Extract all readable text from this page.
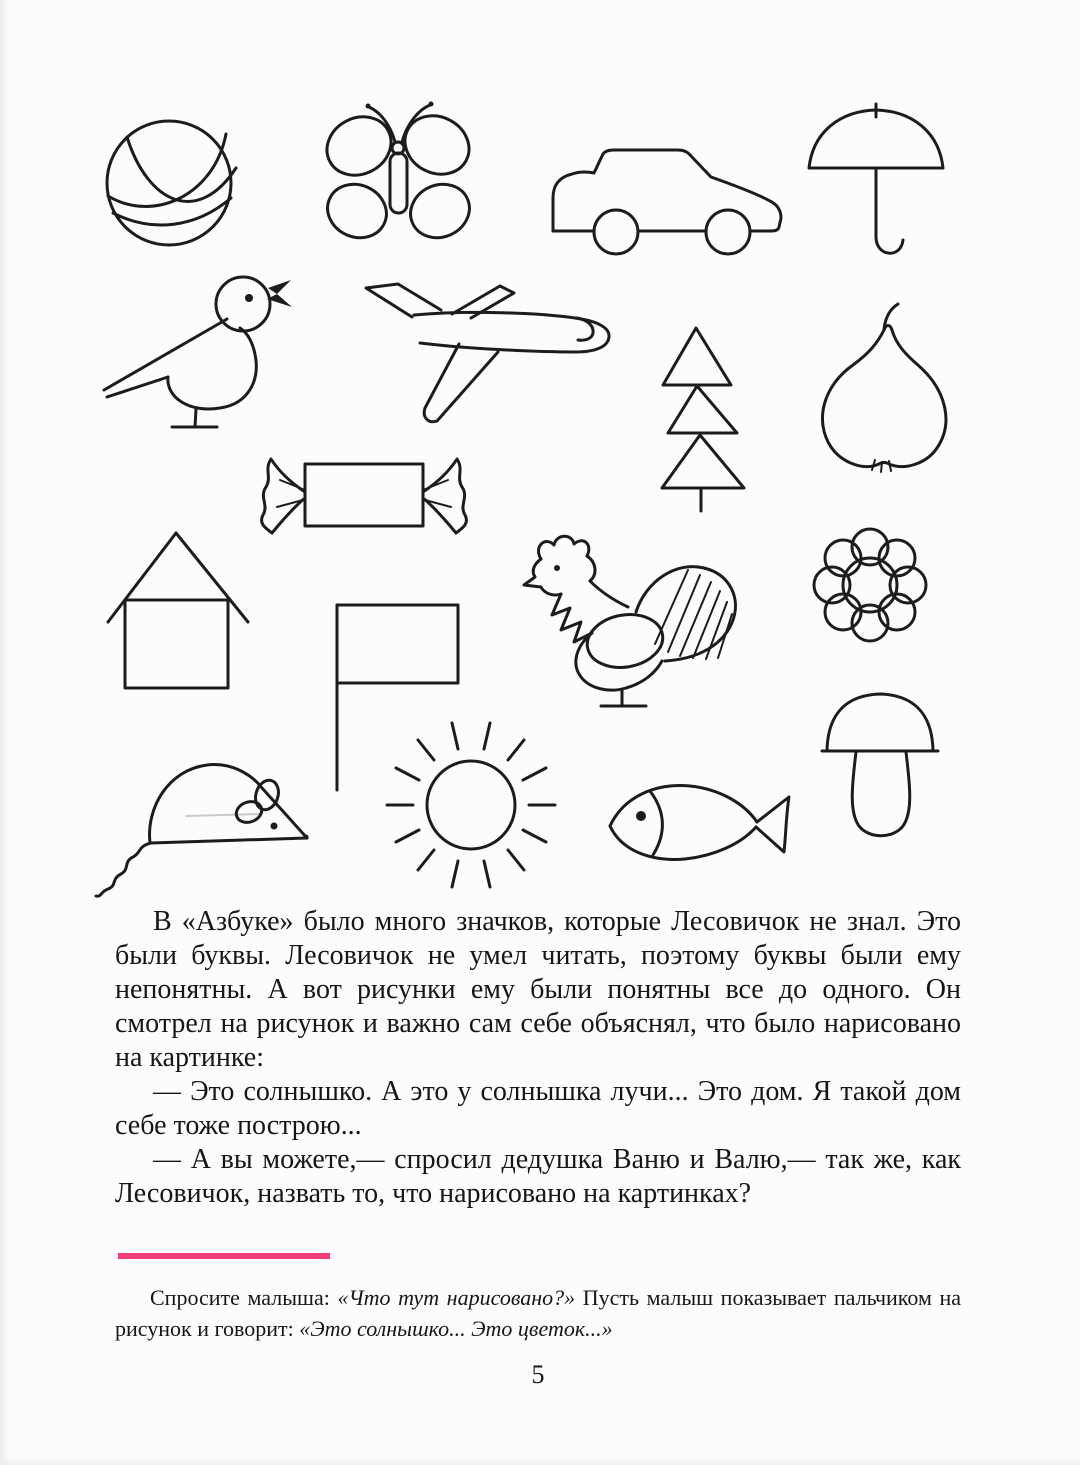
В «Азбуке» было много значков, которые Лесовичок не знал. Это были буквы. Лесовичок не умел читать, поэтому буквы были ему непонятны. А вот рисунки ему были понятны все до одного. Он смотрел на рисунок и важно сам себе объяснял, что было нарисовано на картинке:

— Это солнышко. А это у солнышка лучи... Это дом. Я такой дом себе тоже построю...

— А вы можете,— спросил дедушка Ваню и Валю,— так же, как Лесовичок, назвать то, что нарисовано на картинках?

Спросите малыша: «Что тут нарисовано?» Пусть малыш показывает пальчиком на рисунок и говорит: «Это солнышко... Это цветок...»

5
